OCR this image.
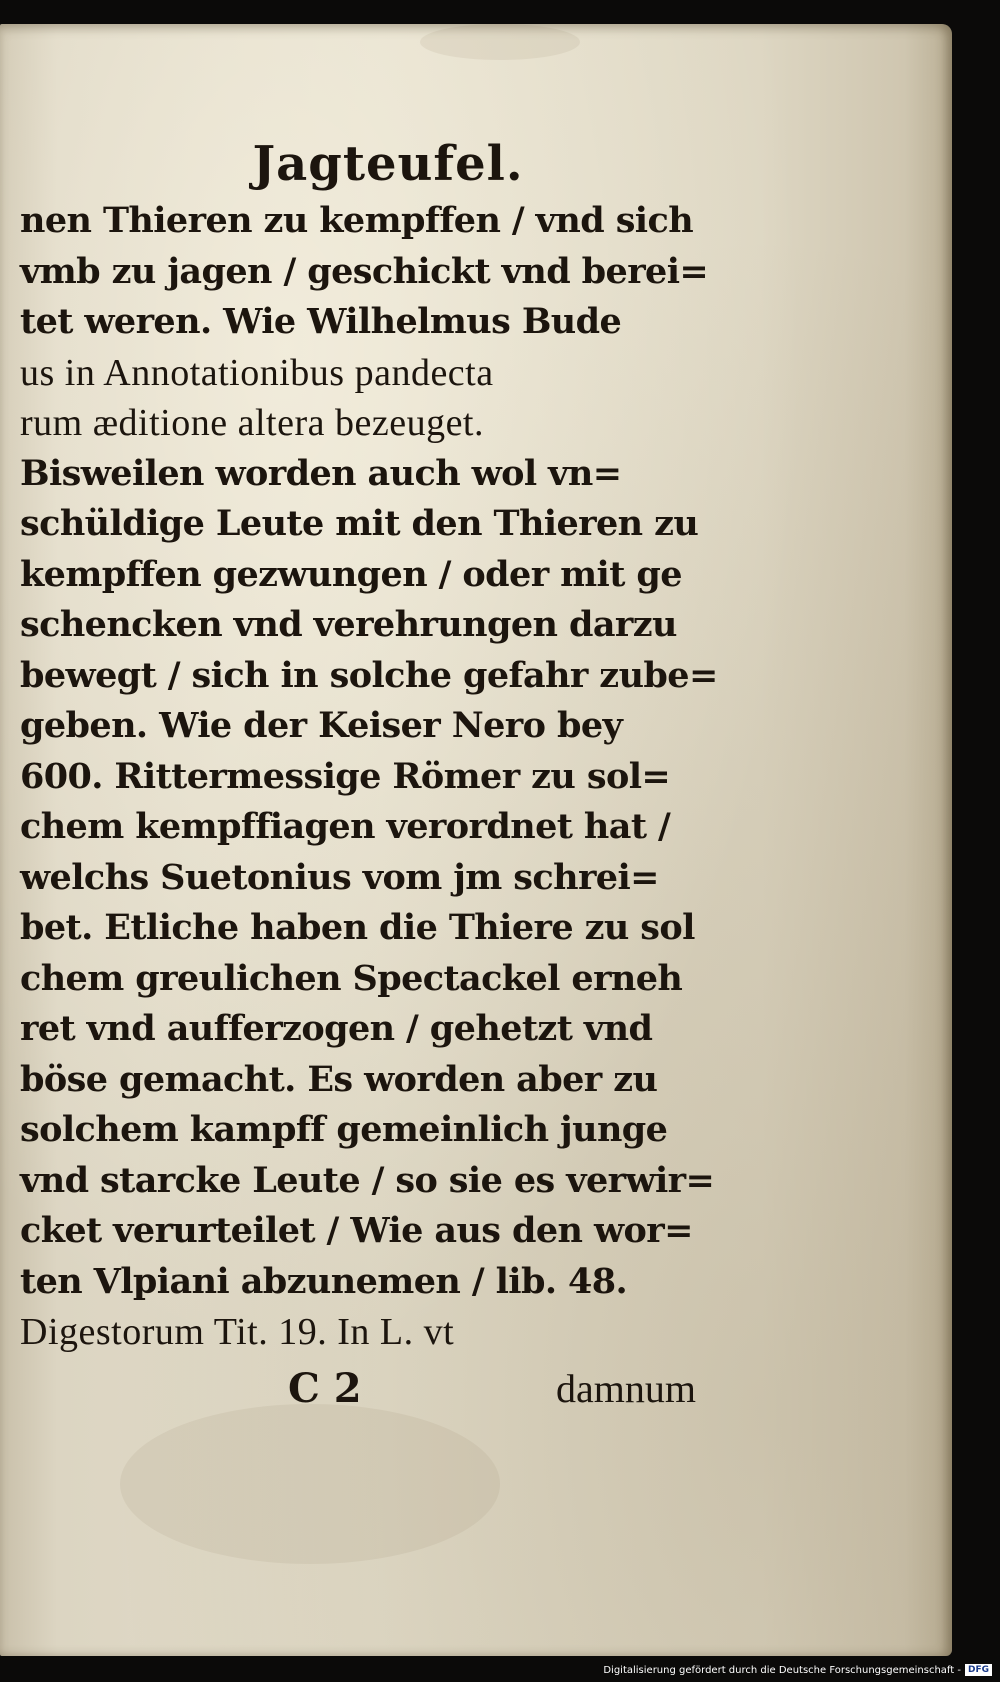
Jagteufel.
nen Thieren zu kempffen / vnd sich
vmb zu jagen / geschickt vnd berei=
tet weren. Wie Wilhelmus Bude
us in Annotationibus pandecta
rum æditione altera bezeuget.
Bisweilen worden auch wol vn=
schüldige Leute mit den Thieren zu
kempffen gezwungen / oder mit ge
schencken vnd verehrungen darzu
bewegt / sich in solche gefahr zube=
geben. Wie der Keiser Nero bey
600. Rittermessige Römer zu sol=
chem kempffiagen verordnet hat /
welchs Suetonius vom jm schrei=
bet. Etliche haben die Thiere zu sol
chem greulichen Spectackel erneh
ret vnd aufferzogen / gehetzt vnd
böse gemacht. Es worden aber zu
solchem kampff gemeinlich junge
vnd starcke Leute / so sie es verwir=
cket verurteilet / Wie aus den wor=
ten Vlpiani abzunemen / lib. 48.
Digestorum Tit. 19. In L. vt
C 2	damnum
Digitalisierung gefördert durch die Deutsche Forschungsgemeinschaft - DFG
